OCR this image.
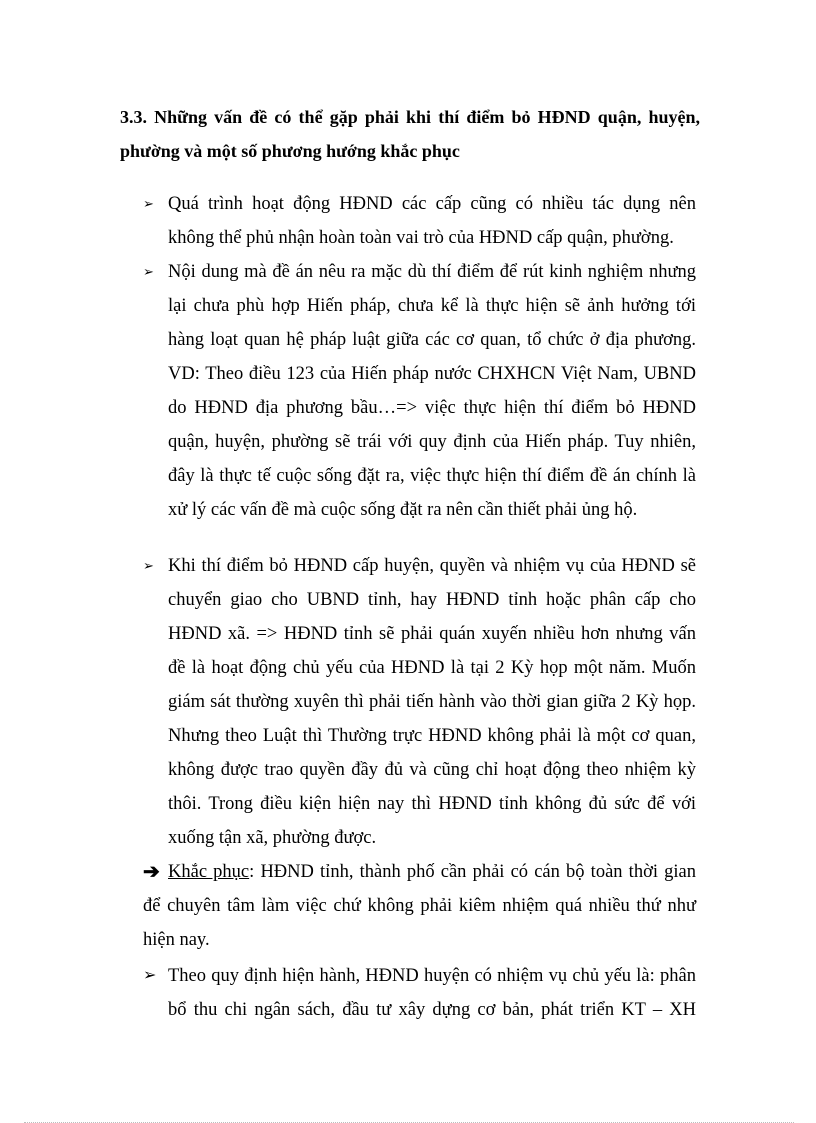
3.3. Những vấn đề có thể gặp phải khi thí điểm bỏ HĐND quận, huyện,
phường và một số phương hướng khắc phục
➢ Quá trình hoạt động HĐND các cấp cũng có nhiều tác dụng nên
không thể phủ nhận hoàn toàn vai trò của HĐND cấp quận, phường.
➢ Nội dung mà đề án nêu ra mặc dù thí điểm để rút kinh nghiệm nhưng
lại chưa phù hợp Hiến pháp, chưa kể là thực hiện sẽ ảnh hưởng tới
hàng loạt quan hệ pháp luật giữa các cơ quan, tổ chức ở địa phương.
VD: Theo điều 123 của Hiến pháp nước CHXHCN Việt Nam, UBND
do HĐND địa phương bầu…=> việc thực hiện thí điểm bỏ HĐND
quận, huyện, phường sẽ trái với quy định của Hiến pháp. Tuy nhiên,
đây là thực tế cuộc sống đặt ra, việc thực hiện thí điểm đề án chính là
xử lý các vấn đề mà cuộc sống đặt ra nên cần thiết phải ủng hộ.
➢ Khi thí điểm bỏ HĐND cấp huyện, quyền và nhiệm vụ của HĐND sẽ
chuyển giao cho UBND tỉnh, hay HĐND tỉnh hoặc phân cấp cho
HĐND xã. => HĐND tỉnh sẽ phải quán xuyến nhiều hơn nhưng vấn
đề là hoạt động chủ yếu của HĐND là tại 2 Kỳ họp một năm. Muốn
giám sát thường xuyên thì phải tiến hành vào thời gian giữa 2 Kỳ họp.
Nhưng theo Luật thì Thường trực HĐND không phải là một cơ quan,
không được trao quyền đầy đủ và cũng chỉ hoạt động theo nhiệm kỳ
thôi. Trong điều kiện hiện nay thì HĐND tỉnh không đủ sức để với
xuống tận xã, phường được.
➔ Khắc phục: HĐND tỉnh, thành phố cần phải có cán bộ toàn thời gian
để chuyên tâm làm việc chứ không phải kiêm nhiệm quá nhiều thứ như
hiện nay.
➢ Theo quy định hiện hành, HĐND huyện có nhiệm vụ chủ yếu là: phân
bổ thu chi ngân sách, đầu tư xây dựng cơ bản, phát triển KT – XH
